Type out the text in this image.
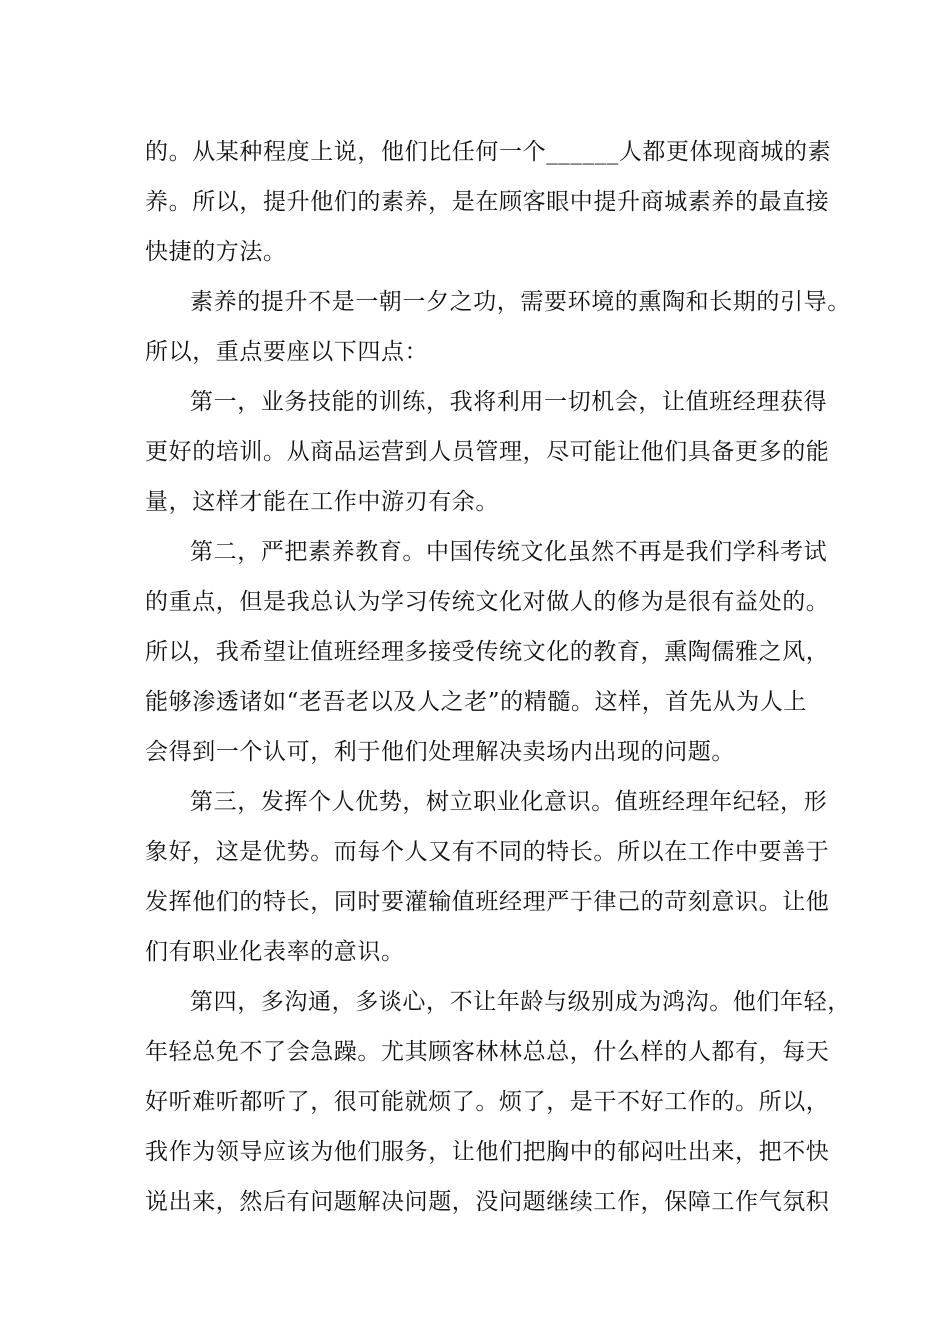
的。从某种程度上说，他们比任何一个______人都更体现商城的素
养。所以，提升他们的素养，是在顾客眼中提升商城素养的最直接
快捷的方法。
素养的提升不是一朝一夕之功，需要环境的熏陶和长期的引导。
所以，重点要座以下四点：
第一，业务技能的训练，我将利用一切机会，让值班经理获得
更好的培训。从商品运营到人员管理，尽可能让他们具备更多的能
量，这样才能在工作中游刃有余。
第二，严把素养教育。中国传统文化虽然不再是我们学科考试
的重点，但是我总认为学习传统文化对做人的修为是很有益处的。
所以，我希望让值班经理多接受传统文化的教育，熏陶儒雅之风，
能够渗透诸如“老吾老以及人之老”的精髓。这样，首先从为人上
会得到一个认可，利于他们处理解决卖场内出现的问题。
第三，发挥个人优势，树立职业化意识。值班经理年纪轻，形
象好，这是优势。而每个人又有不同的特长。所以在工作中要善于
发挥他们的特长，同时要灌输值班经理严于律己的苛刻意识。让他
们有职业化表率的意识。
第四，多沟通，多谈心，不让年龄与级别成为鸿沟。他们年轻，
年轻总免不了会急躁。尤其顾客林林总总，什么样的人都有，每天
好听难听都听了，很可能就烦了。烦了，是干不好工作的。所以，
我作为领导应该为他们服务，让他们把胸中的郁闷吐出来，把不快
说出来，然后有问题解决问题，没问题继续工作，保障工作气氛积
